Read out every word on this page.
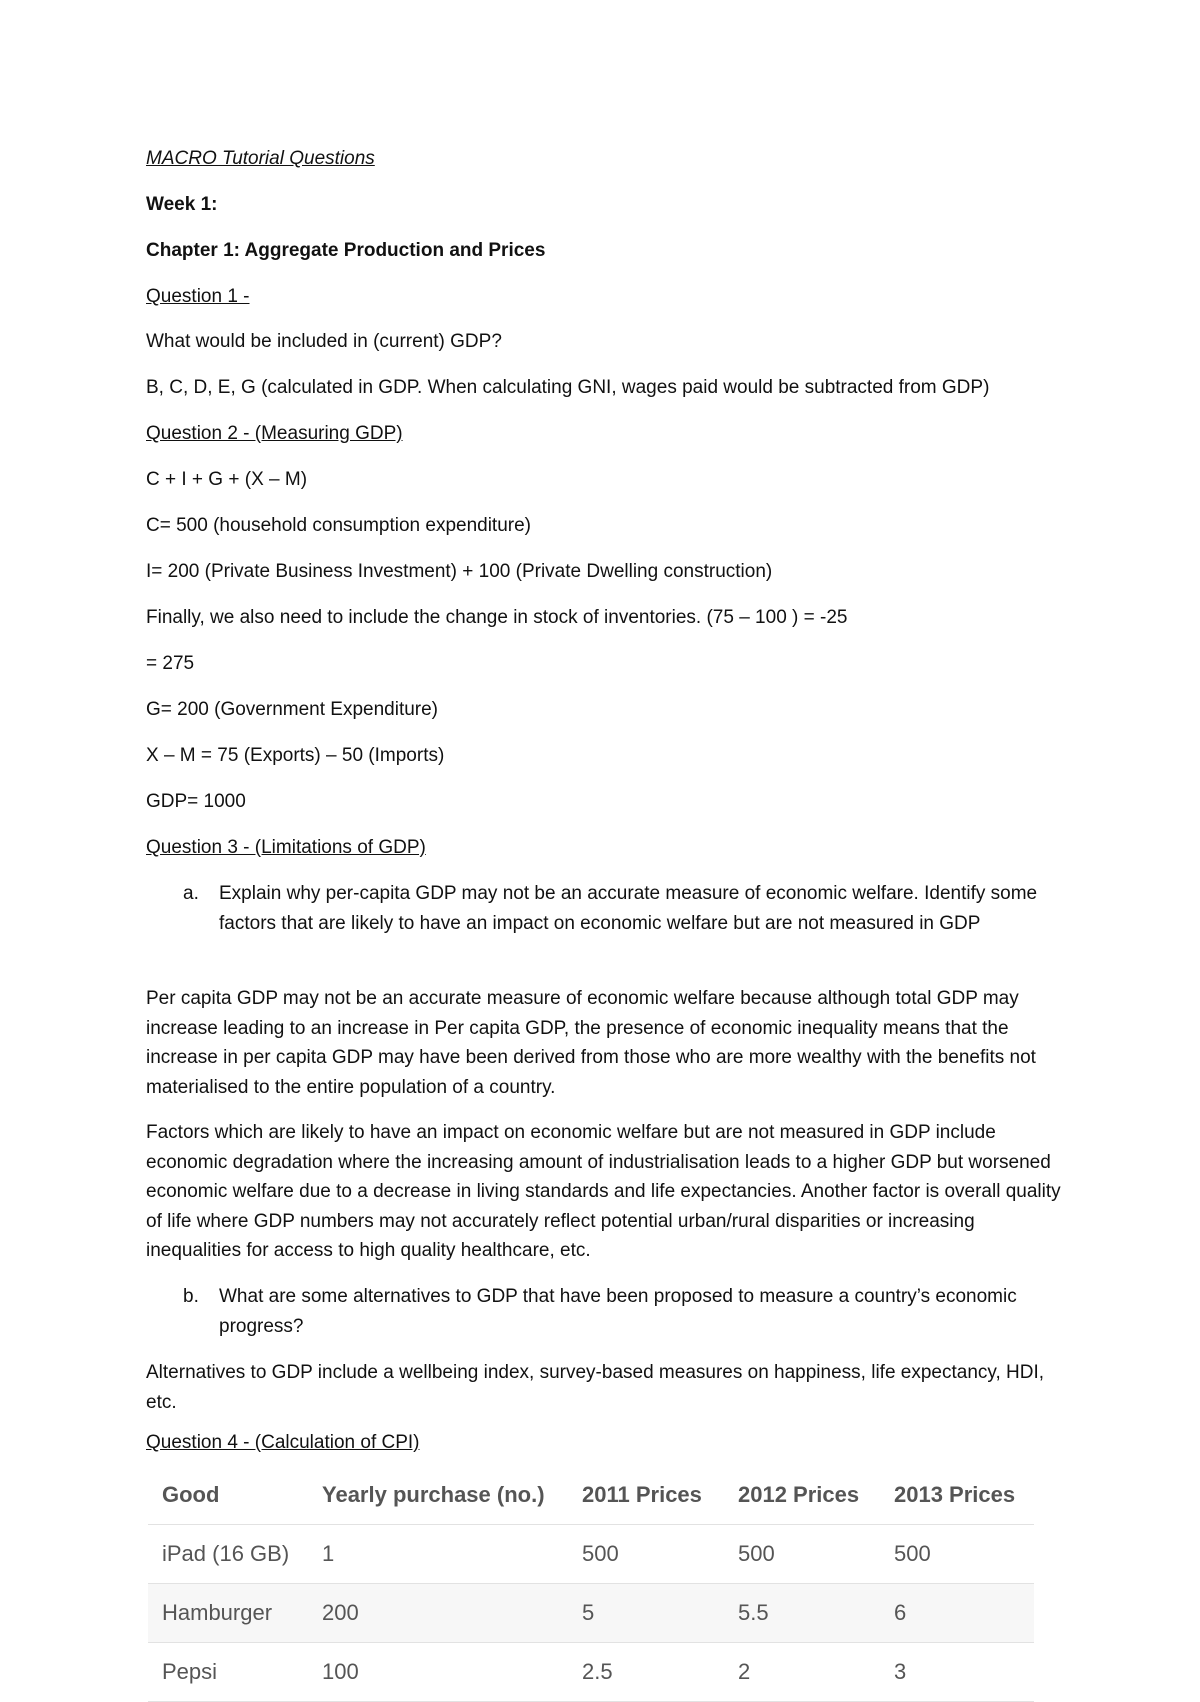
MACRO Tutorial Questions
Week 1:
Chapter 1: Aggregate Production and Prices
Question 1 -
What would be included in (current) GDP?
B, C, D, E, G (calculated in GDP. When calculating GNI, wages paid would be subtracted from GDP)
Question 2 - (Measuring GDP)
C + I + G + (X – M)
C= 500 (household consumption expenditure)
I= 200 (Private Business Investment) + 100 (Private Dwelling construction)
Finally, we also need to include the change in stock of inventories. (75 – 100 ) = -25
= 275
G= 200 (Government Expenditure)
X – M = 75 (Exports) – 50 (Imports)
GDP= 1000
Question 3 - (Limitations of GDP)
a. Explain why per-capita GDP may not be an accurate measure of economic welfare. Identify some factors that are likely to have an impact on economic welfare but are not measured in GDP
Per capita GDP may not be an accurate measure of economic welfare because although total GDP may increase leading to an increase in Per capita GDP, the presence of economic inequality means that the increase in per capita GDP may have been derived from those who are more wealthy with the benefits not materialised to the entire population of a country.
Factors which are likely to have an impact on economic welfare but are not measured in GDP include economic degradation where the increasing amount of industrialisation leads to a higher GDP but worsened economic welfare due to a decrease in living standards and life expectancies. Another factor is overall quality of life where GDP numbers may not accurately reflect potential urban/rural disparities or increasing inequalities for access to high quality healthcare, etc.
b. What are some alternatives to GDP that have been proposed to measure a country’s economic progress?
Alternatives to GDP include a wellbeing index, survey-based measures on happiness, life expectancy, HDI, etc.
Question 4 - (Calculation of CPI)
Good	Yearly purchase (no.)	2011 Prices	2012 Prices	2013 Prices
iPad (16 GB)	1	500	500	500
Hamburger	200	5	5.5	6
Pepsi	100	2.5	2	3
